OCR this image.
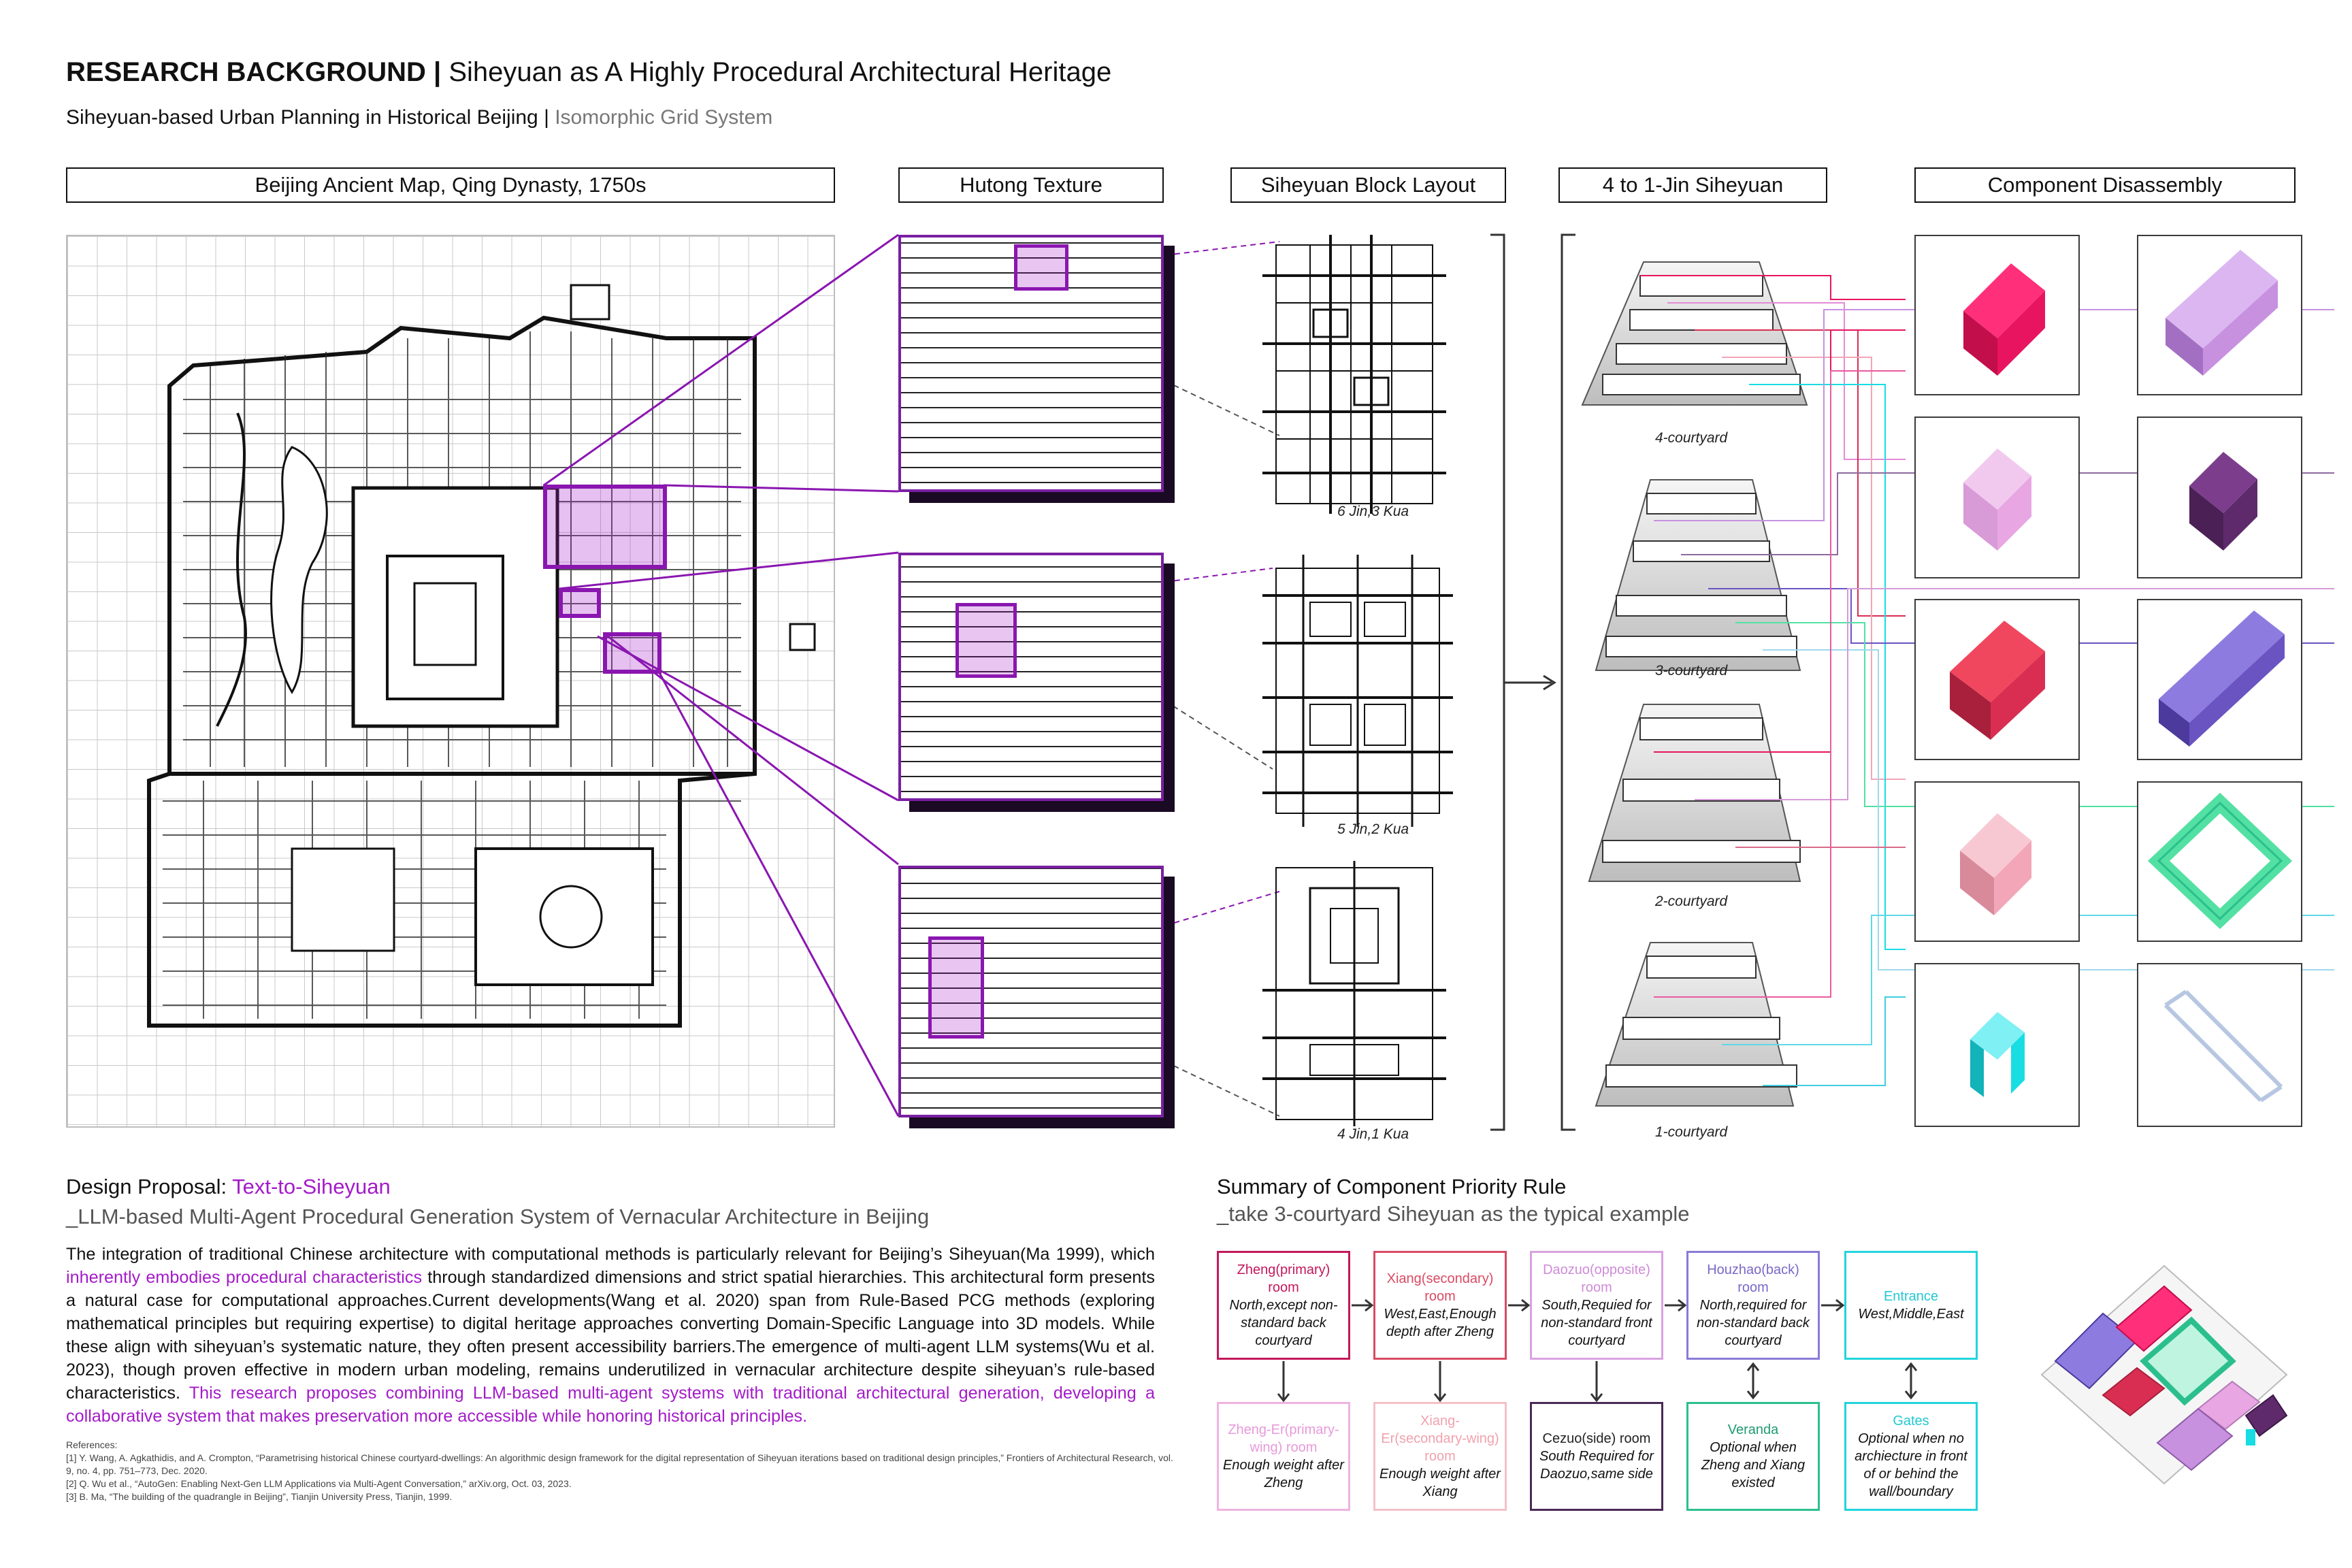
RESEARCH BACKGROUND | Siheyuan as A Highly Procedural Architectural Heritage
Siheyuan-based Urban Planning in Historical Beijing | Isomorphic Grid System
Beijing Ancient Map, Qing Dynasty, 1750s	Hutong Texture	Siheyuan Block Layout	4 to 1-Jin Siheyuan	Component Disassembly
6 Jin,3 Kua
5 Jin,2 Kua
4 Jin,1 Kua
4-courtyard
3-courtyard
2-courtyard
1-courtyard
Design Proposal: Text-to-Siheyuan
_LLM-based Multi-Agent Procedural Generation System of Vernacular Architecture in Beijing
The integration of traditional Chinese architecture with computational methods is particularly relevant for Beijing’s Siheyuan(Ma 1999), which inherently embodies procedural characteristics through standardized dimensions and strict spatial hierarchies. This architectural form presents a natural case for computational approaches.Current developments(Wang et al. 2020) span from Rule-Based PCG methods (exploring mathematical principles but requiring expertise) to digital heritage approaches converting Domain-Specific Language into 3D models. While these align with siheyuan’s systematic nature, they often present accessibility barriers.The emergence of multi-agent LLM systems(Wu et al. 2023), though proven effective in modern urban modeling, remains underutilized in vernacular architecture despite siheyuan’s rule-based characteristics. This research proposes combining LLM-based multi-agent systems with traditional architectural generation, developing a collaborative system that makes preservation more accessible while honoring historical principles.
References:
[1] Y. Wang, A. Agkathidis, and A. Crompton, “Parametrising historical Chinese courtyard-dwellings: An algorithmic design framework for the digital representation of Siheyuan iterations based on traditional design principles,” Frontiers of Architectural Research, vol. 9, no. 4, pp. 751–773, Dec. 2020.
[2] Q. Wu et al., “AutoGen: Enabling Next-Gen LLM Applications via Multi-Agent Conversation,” arXiv.org, Oct. 03, 2023.
[3] B. Ma, “The building of the quadrangle in Beijing”, Tianjin University Press, Tianjin, 1999.
Summary of Component Priority Rule
_take 3-courtyard Siheyuan as the typical example
Zheng(primary) room
North,except non-standard back courtyard
Xiang(secondary) room
West,East,Enough depth after Zheng
Daozuo(opposite) room
South,Requied for non-standard front courtyard
Houzhao(back) room
North,required for non-standard back courtyard
Entrance
West,Middle,East
Zheng-Er(primary-wing) room
Enough weight after Zheng
Xiang-Er(secondary-wing) room
Enough weight after Xiang
Cezuo(side) room
South Required for Daozuo,same side
Veranda
Optional when Zheng and Xiang existed
Gates
Optional when no archiecture in front of or behind the wall/boundary
